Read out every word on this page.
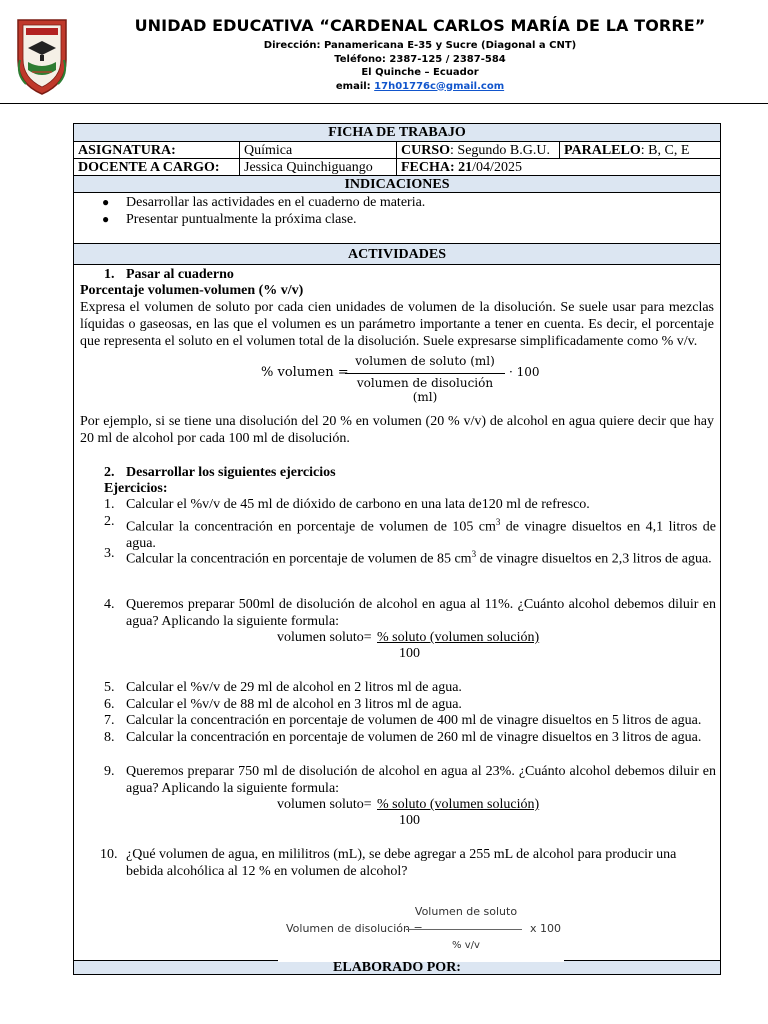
UNIDAD EDUCATIVA “CARDENAL CARLOS MARÍA DE LA TORRE”
Dirección: Panamericana E-35 y Sucre (Diagonal a CNT)
Teléfono: 2387-125 / 2387-584
El Quinche – Ecuador
email: 17h01776c@gmail.com
FICHA DE TRABAJO
ASIGNATURA:	Química	CURSO: Segundo B.G.U.	PARALELO: B, C, E
DOCENTE A CARGO:	Jessica Quinchiguango	FECHA: 21/04/2025
INDICACIONES
● Desarrollar las actividades en el cuaderno de materia.
● Presentar puntualmente la próxima clase.
ACTIVIDADES
1. Pasar al cuaderno
Porcentaje volumen-volumen (% v/v)
Expresa el volumen de soluto por cada cien unidades de volumen de la disolución. Se suele usar para mezclas líquidas o gaseosas, en las que el volumen es un parámetro importante a tener en cuenta. Es decir, el porcentaje que representa el soluto en el volumen total de la disolución. Suele expresarse simplificadamente como % v/v.
Por ejemplo, si se tiene una disolución del 20 % en volumen (20 % v/v) de alcohol en agua quiere decir que hay 20 ml de alcohol por cada 100 ml de disolución.
2. Desarrollar los siguientes ejercicios
Ejercicios:
1. Calcular el %v/v de 45 ml de dióxido de carbono en una lata de120 ml de refresco.
2. Calcular la concentración en porcentaje de volumen de 105 $cm^3$ de vinagre disueltos en 4,1 litros de agua.
3. Calcular la concentración en porcentaje de volumen de 85 $cm^3$ de vinagre disueltos en 2,3 litros de agua.
4. Queremos preparar 500ml de disolución de alcohol en agua al 11%. ¿Cuánto alcohol debemos diluir en agua? Aplicando la siguiente formula:
volumen soluto= % soluto (volumen solución)
100
5. Calcular el %v/v de 29 ml de alcohol en 2 litros ml de agua.
6. Calcular el %v/v de 88 ml de alcohol en 3 litros ml de agua.
7. Calcular la concentración en porcentaje de volumen de 400 ml de vinagre disueltos en 5 litros de agua.
8. Calcular la concentración en porcentaje de volumen de 260 ml de vinagre disueltos en 3 litros de agua.
9. Queremos preparar 750 ml de disolución de alcohol en agua al 23%. ¿Cuánto alcohol debemos diluir en agua? Aplicando la siguiente formula:
volumen soluto= % soluto (volumen solución)
100
10. ¿Qué volumen de agua, en mililitros (mL), se debe agregar a 255 mL de alcohol para producir una bebida alcohólica al 12 % en volumen de alcohol?
ELABORADO POR:
% volumen =
volumen de soluto (ml)
volumen de disolución (ml)
· 100
Volumen de disolución =
Volumen de soluto
% v/v
x 100
